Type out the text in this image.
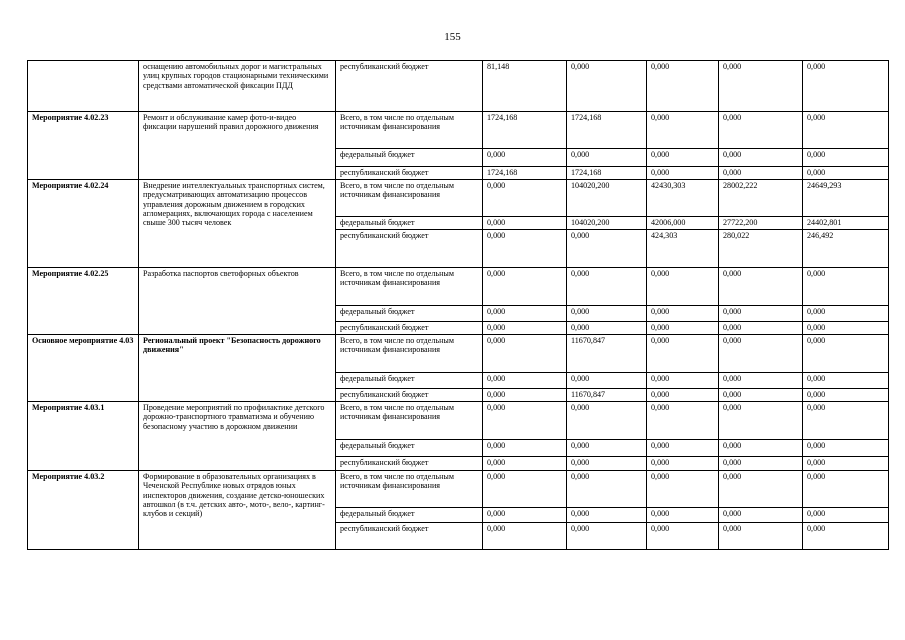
155
	оснащению автомобильных дорог и магистральных улиц крупных городов стационарными техническими средствами автоматической фиксации ПДД	республиканский бюджет	81,148	0,000	0,000	0,000	0,000
Мероприятие 4.02.23	Ремонт и обслуживание камер фото-и-видео фиксации нарушений правил дорожного движения	Всего, в том числе по отдельным источникам финансирования	1724,168	1724,168	0,000	0,000	0,000
		федеральный бюджет	0,000	0,000	0,000	0,000	0,000
		республиканский бюджет	1724,168	1724,168	0,000	0,000	0,000
Мероприятие 4.02.24	Внедрение интеллектуальных транспортных систем, предусматривающих автоматизацию процессов управления дорожным движением в городских агломерациях, включающих города с населением свыше 300 тысяч человек	Всего, в том числе по отдельным источникам финансирования	0,000	104020,200	42430,303	28002,222	24649,293
		федеральный бюджет	0,000	104020,200	42006,000	27722,200	24402,801
		республиканский бюджет	0,000	0,000	424,303	280,022	246,492
Мероприятие 4.02.25	Разработка паспортов светофорных объектов	Всего, в том числе по отдельным источникам финансирования	0,000	0,000	0,000	0,000	0,000
		федеральный бюджет	0,000	0,000	0,000	0,000	0,000
		республиканский бюджет	0,000	0,000	0,000	0,000	0,000
Основное мероприятие 4.03	Региональный проект "Безопасность дорожного движения"	Всего, в том числе по отдельным источникам финансирования	0,000	11670,847	0,000	0,000	0,000
		федеральный бюджет	0,000	0,000	0,000	0,000	0,000
		республиканский бюджет	0,000	11670,847	0,000	0,000	0,000
Мероприятие 4.03.1	Проведение мероприятий по профилактике детского дорожно-транспортного травматизма и обучению безопасному участию в дорожном движении	Всего, в том числе по отдельным источникам финансирования	0,000	0,000	0,000	0,000	0,000
		федеральный бюджет	0,000	0,000	0,000	0,000	0,000
		республиканский бюджет	0,000	0,000	0,000	0,000	0,000
Мероприятие 4.03.2	Формирование в образовательных организациях в Чеченской Республике новых отрядов юных инспекторов движения, создание детско-юношеских автошкол (в т.ч. детских авто-, мото-, вело-, картинг-клубов и секций)	Всего, в том числе по отдельным источникам финансирования	0,000	0,000	0,000	0,000	0,000
		федеральный бюджет	0,000	0,000	0,000	0,000	0,000
		республиканский бюджет	0,000	0,000	0,000	0,000	0,000
